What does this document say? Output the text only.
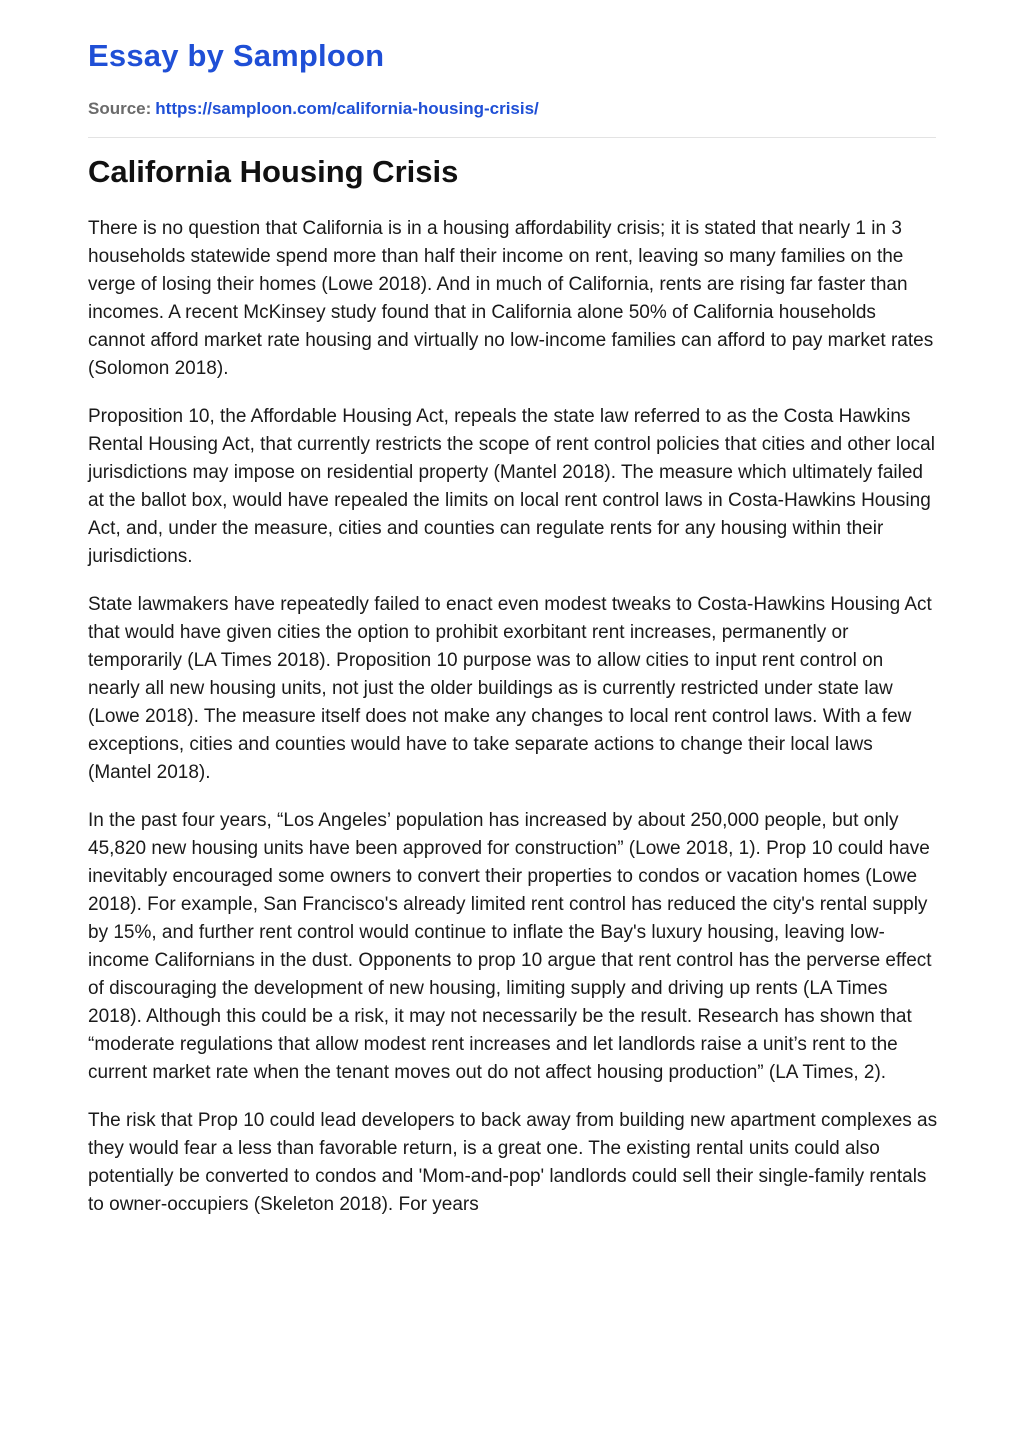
Essay by Samploon
Source: https://samploon.com/california-housing-crisis/
California Housing Crisis

There is no question that California is in a housing affordability crisis; it is stated that nearly 1 in 3 households statewide spend more than half their income on rent, leaving so many families on the verge of losing their homes (Lowe 2018). And in much of California, rents are rising far faster than incomes. A recent McKinsey study found that in California alone 50% of California households cannot afford market rate housing and virtually no low-income families can afford to pay market rates (Solomon 2018).

Proposition 10, the Affordable Housing Act, repeals the state law referred to as the Costa Hawkins Rental Housing Act, that currently restricts the scope of rent control policies that cities and other local jurisdictions may impose on residential property (Mantel 2018). The measure which ultimately failed at the ballot box, would have repealed the limits on local rent control laws in Costa-Hawkins Housing Act, and, under the measure, cities and counties can regulate rents for any housing within their jurisdictions.

State lawmakers have repeatedly failed to enact even modest tweaks to Costa-Hawkins Housing Act that would have given cities the option to prohibit exorbitant rent increases, permanently or temporarily (LA Times 2018). Proposition 10 purpose was to allow cities to input rent control on nearly all new housing units, not just the older buildings as is currently restricted under state law (Lowe 2018). The measure itself does not make any changes to local rent control laws. With a few exceptions, cities and counties would have to take separate actions to change their local laws (Mantel 2018).

In the past four years, “Los Angeles’ population has increased by about 250,000 people, but only 45,820 new housing units have been approved for construction” (Lowe 2018, 1). Prop 10 could have inevitably encouraged some owners to convert their properties to condos or vacation homes (Lowe 2018). For example, San Francisco's already limited rent control has reduced the city's rental supply by 15%, and further rent control would continue to inflate the Bay's luxury housing, leaving low-income Californians in the dust. Opponents to prop 10 argue that rent control has the perverse effect of discouraging the development of new housing, limiting supply and driving up rents (LA Times 2018). Although this could be a risk, it may not necessarily be the result. Research has shown that “moderate regulations that allow modest rent increases and let landlords raise a unit’s rent to the current market rate when the tenant moves out do not affect housing production” (LA Times, 2).

The risk that Prop 10 could lead developers to back away from building new apartment complexes as they would fear a less than favorable return, is a great one. The existing rental units could also potentially be converted to condos and 'Mom-and-pop' landlords could sell their single-family rentals to owner-occupiers (Skeleton 2018). For years
